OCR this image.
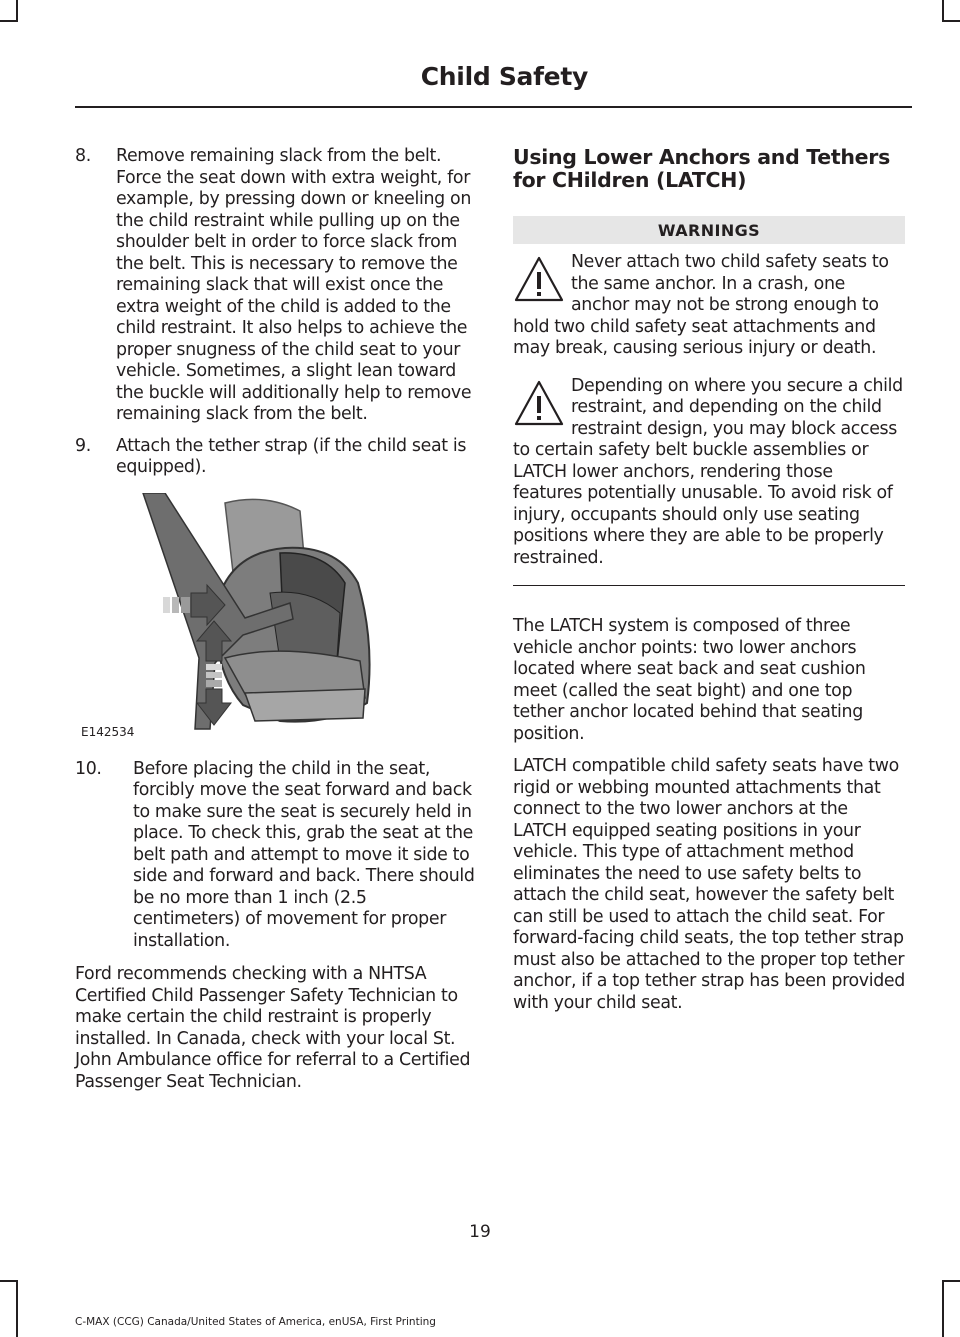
Child Safety
8.	Remove remaining slack from the belt. Force the seat down with extra weight, for example, by pressing down or kneeling on the child restraint while pulling up on the shoulder belt in order to force slack from the belt. This is necessary to remove the remaining slack that will exist once the extra weight of the child is added to the child restraint. It also helps to achieve the proper snugness of the child seat to your vehicle. Sometimes, a slight lean toward the buckle will additionally help to remove remaining slack from the belt.
9.	Attach the tether strap (if the child seat is equipped).
E142534
10.	Before placing the child in the seat, forcibly move the seat forward and back to make sure the seat is securely held in place. To check this, grab the seat at the belt path and attempt to move it side to side and forward and back. There should be no more than 1 inch (2.5 centimeters) of movement for proper installation.

Ford recommends checking with a NHTSA Certified Child Passenger Safety Technician to make certain the child restraint is properly installed. In Canada, check with your local St. John Ambulance office for referral to a Certified Passenger Seat Technician.

Using Lower Anchors and Tethers for CHildren (LATCH)
WARNINGS

Never attach two child safety seats to the same anchor. In a crash, one anchor may not be strong enough to hold two child safety seat attachments and may break, causing serious injury or death.

Depending on where you secure a child restraint, and depending on the child restraint design, you may block access to certain safety belt buckle assemblies or LATCH lower anchors, rendering those features potentially unusable. To avoid risk of injury, occupants should only use seating positions where they are able to be properly restrained.

The LATCH system is composed of three vehicle anchor points: two lower anchors located where seat back and seat cushion meet (called the seat bight) and one top tether anchor located behind that seating position.

LATCH compatible child safety seats have two rigid or webbing mounted attachments that connect to the two lower anchors at the LATCH equipped seating positions in your vehicle. This type of attachment method eliminates the need to use safety belts to attach the child seat, however the safety belt can still be used to attach the child seat. For forward-facing child seats, the top tether strap must also be attached to the proper top tether anchor, if a top tether strap has been provided with your child seat.

19
C-MAX (CCG) Canada/United States of America, enUSA, First Printing
